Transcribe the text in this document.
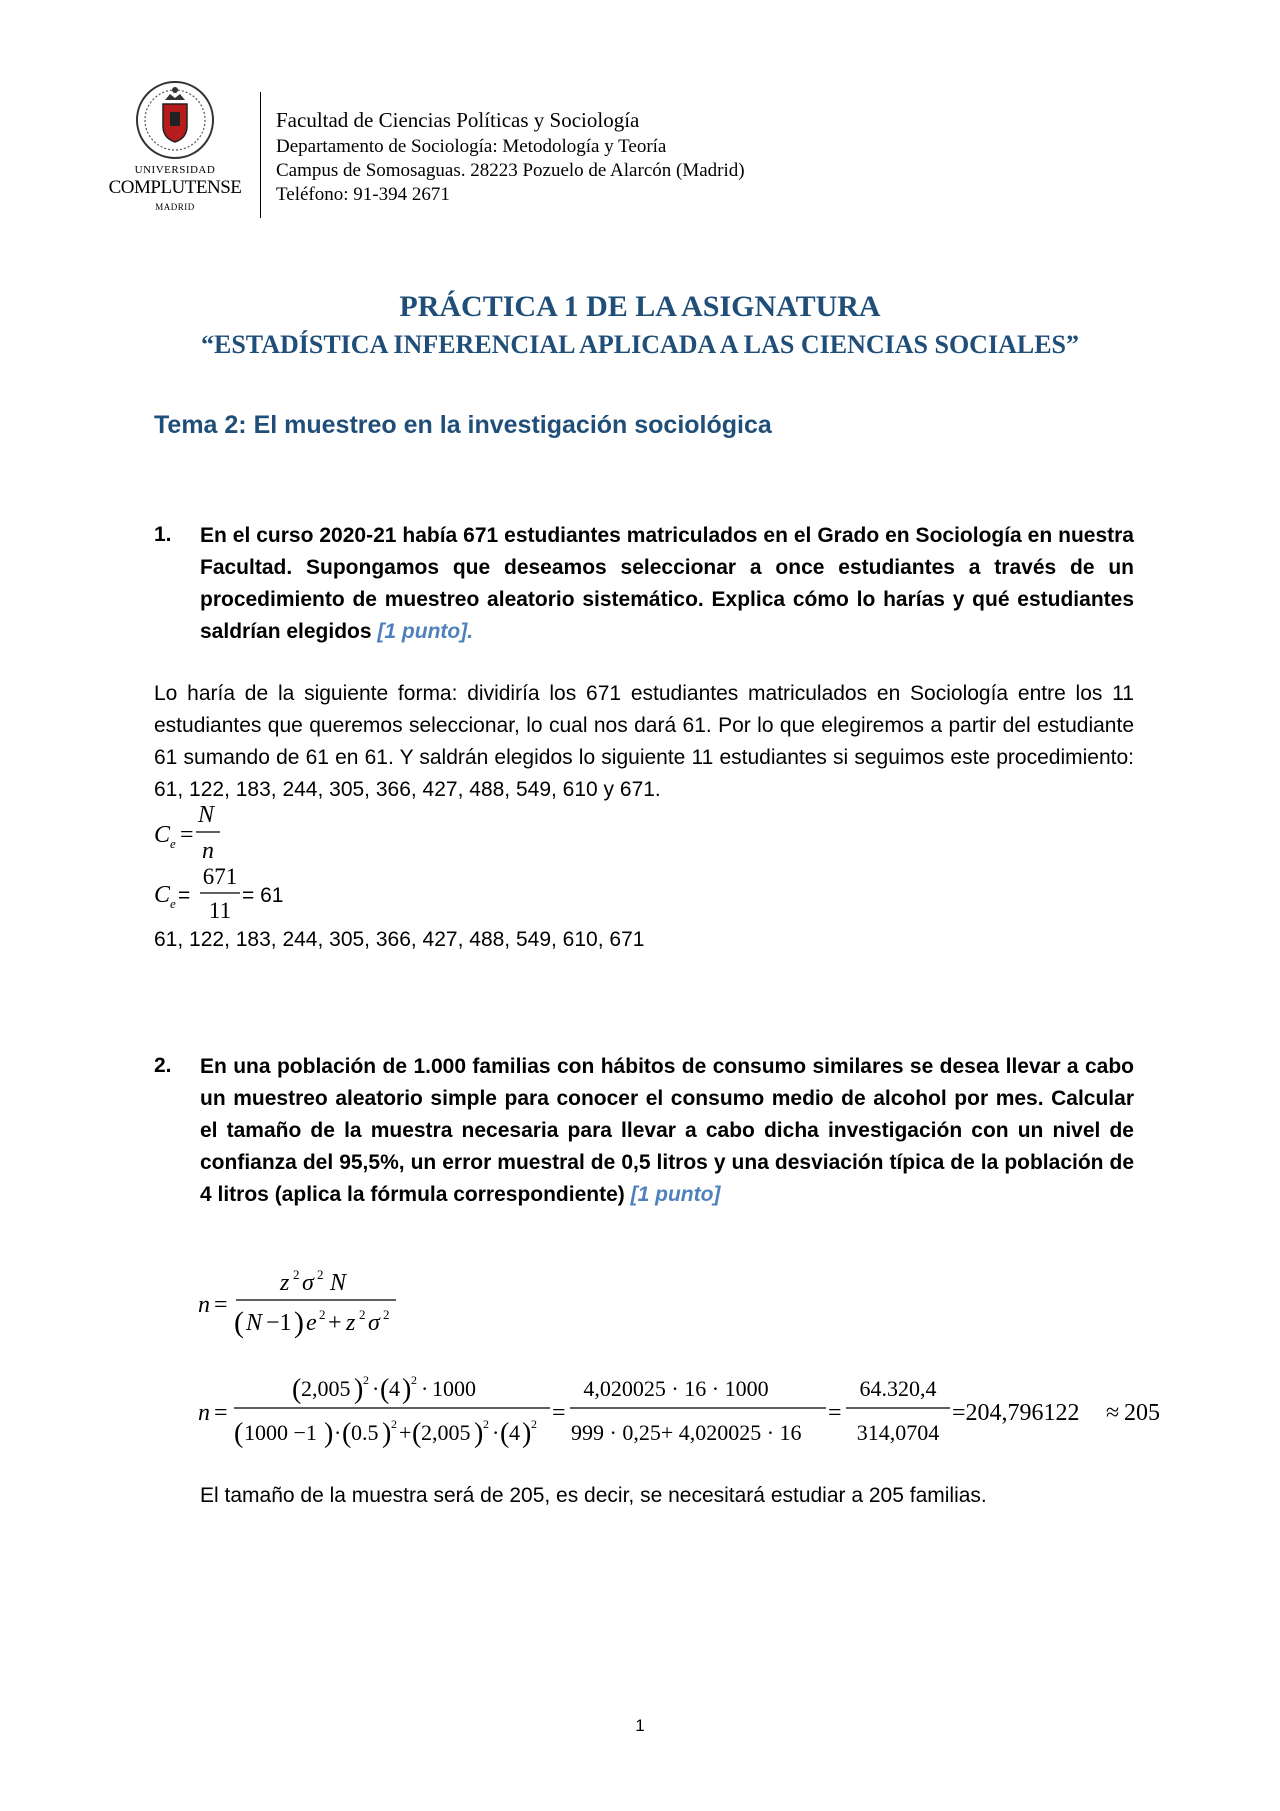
UNIVERSIDAD
COMPLUTENSE
MADRID
Facultad de Ciencias Políticas y Sociología
Departamento de Sociología: Metodología y Teoría
Campus de Somosaguas. 28223 Pozuelo de Alarcón (Madrid)
Teléfono: 91-394 2671
PRÁCTICA 1 DE LA ASIGNATURA
“ESTADÍSTICA INFERENCIAL APLICADA A LAS CIENCIAS SOCIALES”
Tema 2: El muestreo en la investigación sociológica
1. En el curso 2020-21 había 671 estudiantes matriculados en el Grado en Sociología en nuestra Facultad. Supongamos que deseamos seleccionar a once estudiantes a través de un procedimiento de muestreo aleatorio sistemático. Explica cómo lo harías y qué estudiantes saldrían elegidos [1 punto].
Lo haría de la siguiente forma: dividiría los 671 estudiantes matriculados en Sociología entre los 11 estudiantes que queremos seleccionar, lo cual nos dará 61. Por lo que elegiremos a partir del estudiante 61 sumando de 61 en 61. Y saldrán elegidos lo siguiente 11 estudiantes si seguimos este procedimiento: 61, 122, 183, 244, 305, 366, 427, 488, 549, 610 y 671.
C e =
N
n
C e =
671
11
= 61
61, 122, 183, 244, 305, 366, 427, 488, 549, 610, 671
2. En una población de 1.000 familias con hábitos de consumo similares se desea llevar a cabo un muestreo aleatorio simple para conocer el consumo medio de alcohol por mes. Calcular el tamaño de la muestra necesaria para llevar a cabo dicha investigación con un nivel de confianza del 95,5%, un error muestral de 0,5 litros y una desviación típica de la población de 4 litros (aplica la fórmula correspondiente) [1 punto]
n =
z 2 σ 2 N
( N −1 ) e 2 + z 2 σ 2
n =
( 2,005 ) 2 · ( 4 ) 2 · 1000
( 1000 −1 ) · ( 0.5 ) 2 + ( 2,005 ) 2 · ( 4 ) 2 =
4,020025 · 16 · 1000
999 · 0,25+ 4,020025 · 16
=
64.320,4
314,0704
=204,796122 ≈ 205
El tamaño de la muestra será de 205, es decir, se necesitará estudiar a 205 familias.
1
